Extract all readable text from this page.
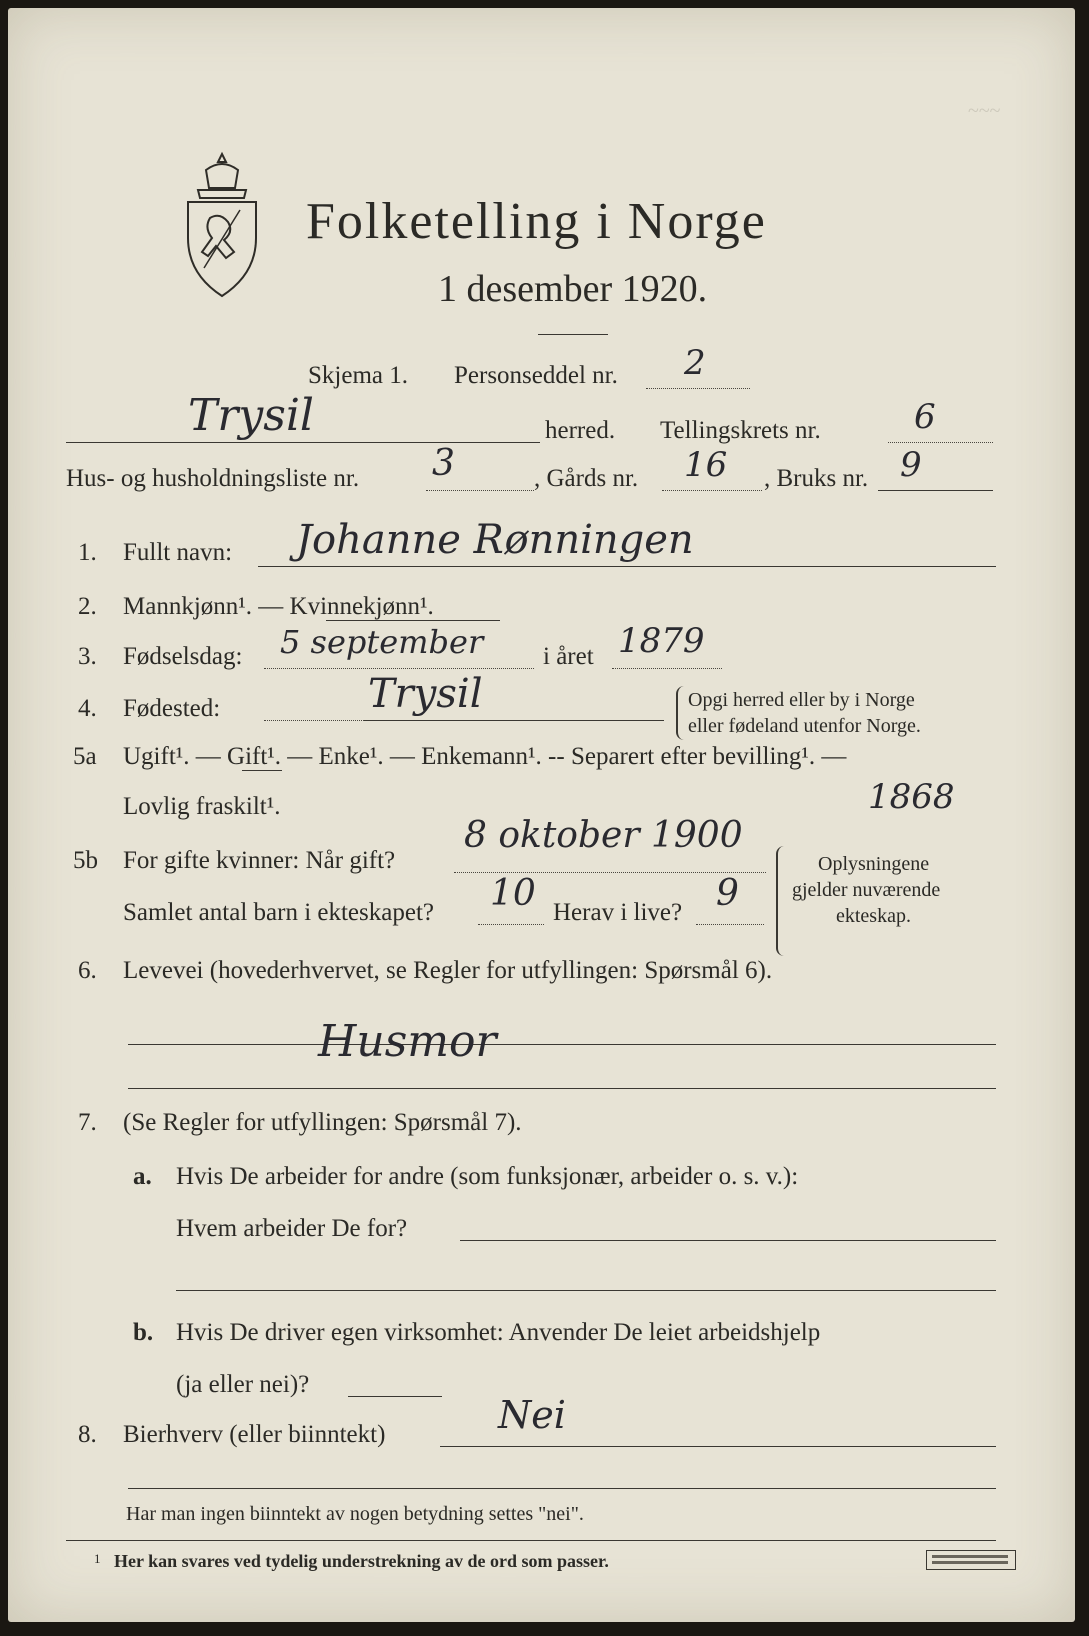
~~~
Folketelling i Norge
1 desember 1920.
Skjema 1. Personseddel nr. 2
Trysil	herred. Tellingskrets nr.	6
Hus- og husholdningsliste nr. 3	, Gårds nr. 16 , Bruks nr. 9
1. Fullt navn: Johanne Rønningen
2. Mannkjønn¹. — Kvinnekjønn¹.
3. Fødselsdag: 5 september i året 1879
4. Fødested:	Trysil	Opgi herred eller by i Norge
eller fødeland utenfor Norge.
5a Ugift¹. — Gift¹. — Enke¹. — Enkemann¹. -- Separert efter bevilling¹. —
Lovlig fraskilt¹.
5b For gifte kvinner: Når gift?
8 oktober 1900
1868
Samlet antal barn i ekteskapet? 10 Herav i live? 9
Oplysningene
gjelder nuværende
ekteskap.
6. Levevei (hovederhvervet, se Regler for utfyllingen: Spørsmål 6).
Husmor
7. (Se Regler for utfyllingen: Spørsmål 7).
a. Hvis De arbeider for andre (som funksjonær, arbeider o. s. v.):
Hvem arbeider De for?
b. Hvis De driver egen virksomhet: Anvender De leiet arbeidshjelp
(ja eller nei)?
8. Bierhverv (eller biinntekt)	Nei
Har man ingen biinntekt av nogen betydning settes "nei".
1 Her kan svares ved tydelig understrekning av de ord som passer.
